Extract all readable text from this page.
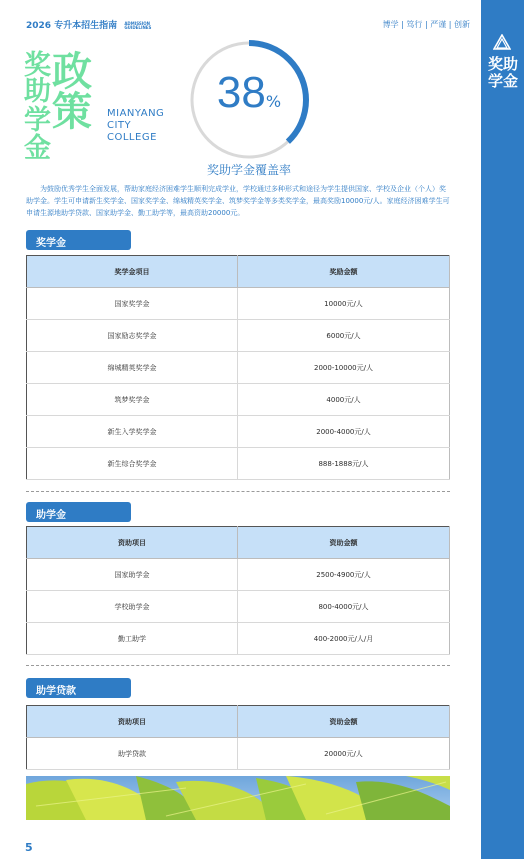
奖助学金
2026 专升本招生指南 ADMISSION
GUIDELINES	博学 | 笃行 | 严谨 | 创新
奖
助
学
金
政
策 MIANYANG
CITY
COLLEGE
38%
奖助学金覆盖率
为鼓励优秀学生全面发展，帮助家庭经济困难学生顺利完成学业，学校通过多种形式和途径为学生提供国家、学校及企业（个人）奖助学金。学生可申请新生奖学金、国家奖学金、绵城精英奖学金、筑梦奖学金等多类奖学金，最高奖励10000元/人。家庭经济困难学生可申请生源地助学贷款、国家助学金、勤工助学等，最高资助20000元。
奖学金
奖学金项目	奖励金额
国家奖学金	10000元/人
国家励志奖学金	6000元/人
绵城精英奖学金	2000-10000元/人
筑梦奖学金	4000元/人
新生入学奖学金	2000-4000元/人
新生综合奖学金	888-1888元/人
助学金
资助项目	资助金额
国家助学金	2500-4900元/人
学校助学金	800-4000元/人
勤工助学	400-2000元/人/月
助学贷款
资助项目	资助金额
助学贷款	20000元/人
5
